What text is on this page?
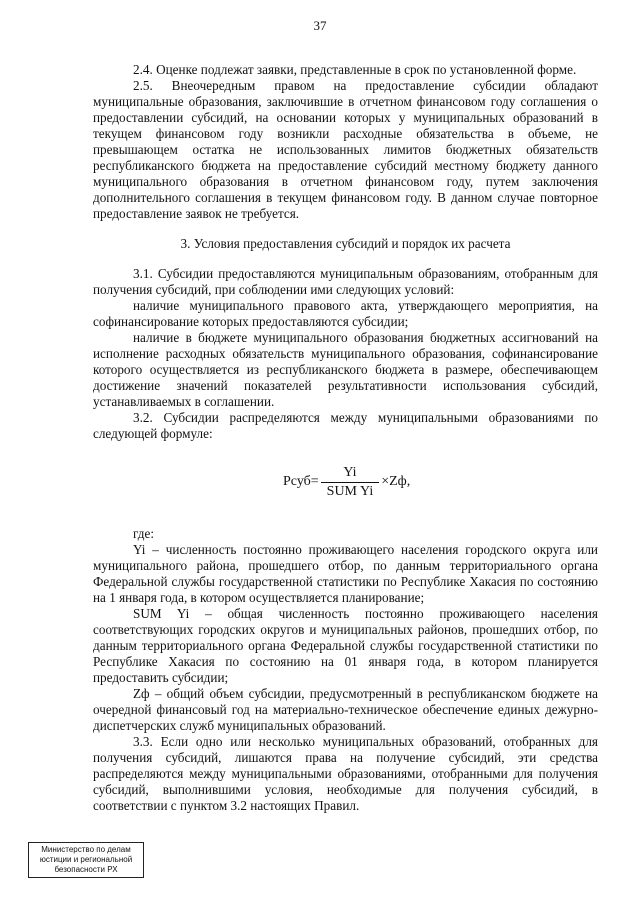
37

2.4. Оценке подлежат заявки, представленные в срок по установленной форме.

2.5. Внеочередным правом на предоставление субсидии обладают муниципальные образования, заключившие в отчетном финансовом году соглашения о предоставлении субсидий, на основании которых у муниципальных образований в текущем финансовом году возникли расходные обязательства в объеме, не превышающем остатка не использованных лимитов бюджетных обязательств республиканского бюджета на предоставление субсидий местному бюджету данного муниципального образования в отчетном финансовом году, путем заключения дополнительного соглашения в текущем финансовом году. В данном случае повторное предоставление заявок не требуется.

3. Условия предоставления субсидий и порядок их расчета

3.1. Субсидии предоставляются муниципальным образованиям, отобранным для получения субсидий, при соблюдении ими следующих условий:

наличие муниципального правового акта, утверждающего мероприятия, на софинансирование которых предоставляются субсидии;

наличие в бюджете муниципального образования бюджетных ассигнований на исполнение расходных обязательств муниципального образования, софинансирование которого осуществляется из республиканского бюджета в размере, обеспечивающем достижение значений показателей результативности использования субсидий, устанавливаемых в соглашении.

3.2. Субсидии распределяются между муниципальными образованиями по следующей формуле:

Pсуб= $\frac{Yi}{\text{SUM Yi}} \times Zф$,

где:

Yi – численность постоянно проживающего населения городского округа или муниципального района, прошедшего отбор, по данным территориального органа Федеральной службы государственной статистики по Республике Хакасия по состоянию на 1 января года, в котором осуществляется планирование;

SUM Yi – общая численность постоянно проживающего населения соответствующих городских округов и муниципальных районов, прошедших отбор, по данным территориального органа Федеральной службы государственной статистики по Республике Хакасия по состоянию на 01 января года, в котором планируется предоставить субсидии;

Zф – общий объем субсидии, предусмотренный в республиканском бюджете на очередной финансовый год на материально-техническое обеспечение единых дежурно-диспетчерских служб муниципальных образований.

3.3. Если одно или несколько муниципальных образований, отобранных для получения субсидий, лишаются права на получение субсидий, эти средства распределяются между муниципальными образованиями, отобранными для получения субсидий, выполнившими условия, необходимые для получения субсидий, в соответствии с пунктом 3.2 настоящих Правил.

Министерство по делам
юстиции и региональной
безопасности РХ
